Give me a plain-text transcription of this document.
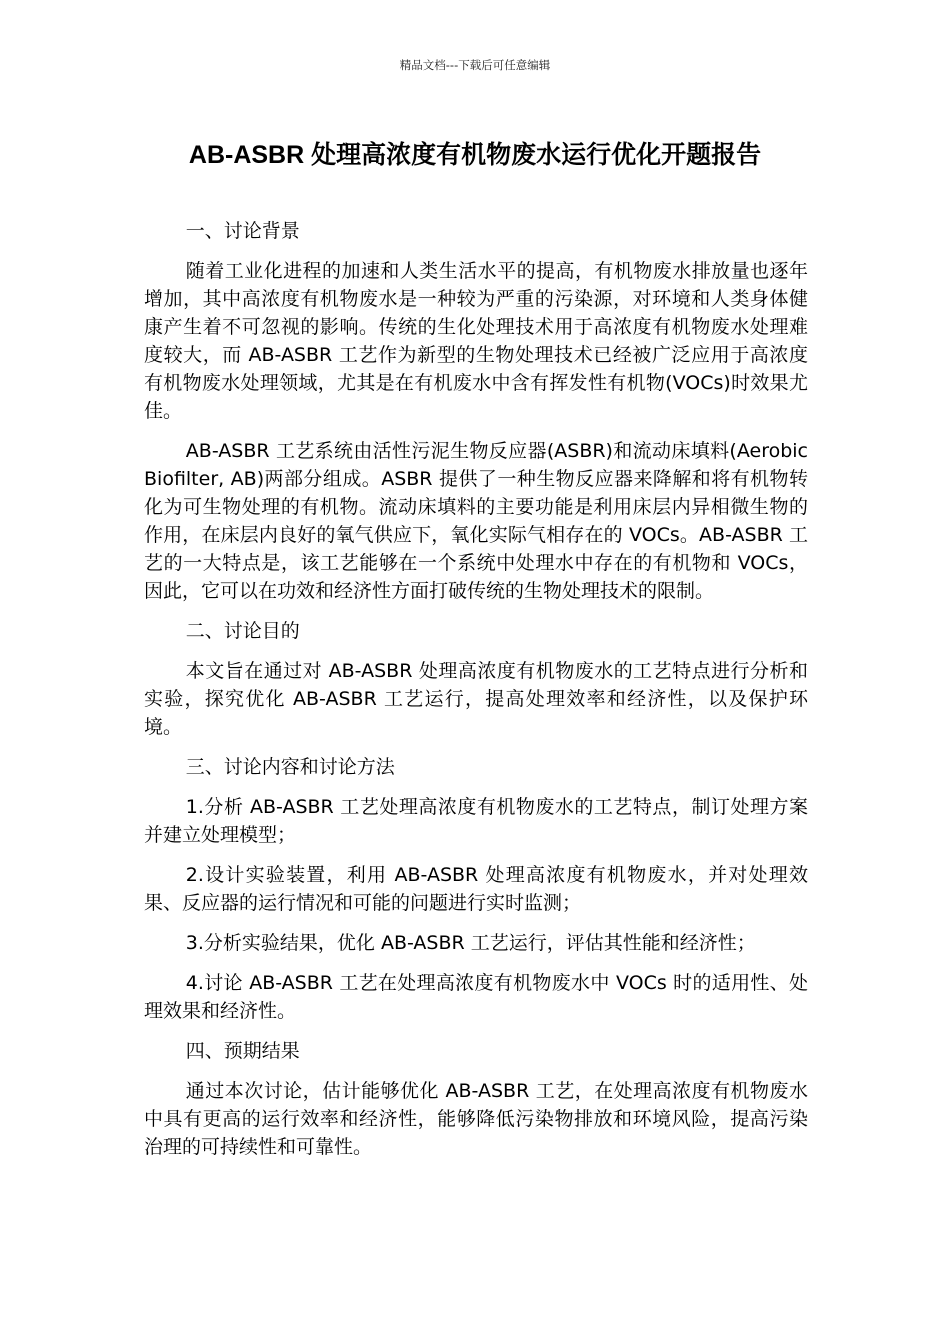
精品文档---下载后可任意编辑
AB-ASBR 处理高浓度有机物废水运行优化开题报告

一、讨论背景

随着工业化进程的加速和人类生活水平的提高，有机物废水排放量也逐年增加，其中高浓度有机物废水是一种较为严重的污染源，对环境和人类身体健康产生着不可忽视的影响。传统的生化处理技术用于高浓度有机物废水处理难度较大，而 AB-ASBR 工艺作为新型的生物处理技术已经被广泛应用于高浓度有机物废水处理领域，尤其是在有机废水中含有挥发性有机物(VOCs)时效果尤佳。

AB-ASBR 工艺系统由活性污泥生物反应器(ASBR)和流动床填料(Aerobic Biofilter, AB)两部分组成。ASBR 提供了一种生物反应器来降解和将有机物转化为可生物处理的有机物。流动床填料的主要功能是利用床层内异相微生物的作用，在床层内良好的氧气供应下，氧化实际气相存在的 VOCs。AB-ASBR 工艺的一大特点是，该工艺能够在一个系统中处理水中存在的有机物和 VOCs，因此，它可以在功效和经济性方面打破传统的生物处理技术的限制。

二、讨论目的

本文旨在通过对 AB-ASBR 处理高浓度有机物废水的工艺特点进行分析和实验，探究优化 AB-ASBR 工艺运行，提高处理效率和经济性，以及保护环境。

三、讨论内容和讨论方法

1.分析 AB-ASBR 工艺处理高浓度有机物废水的工艺特点，制订处理方案并建立处理模型；

2.设计实验装置，利用 AB-ASBR 处理高浓度有机物废水，并对处理效果、反应器的运行情况和可能的问题进行实时监测；

3.分析实验结果，优化 AB-ASBR 工艺运行，评估其性能和经济性；

4.讨论 AB-ASBR 工艺在处理高浓度有机物废水中 VOCs 时的适用性、处理效果和经济性。

四、预期结果

通过本次讨论，估计能够优化 AB-ASBR 工艺，在处理高浓度有机物废水中具有更高的运行效率和经济性，能够降低污染物排放和环境风险，提高污染治理的可持续性和可靠性。
